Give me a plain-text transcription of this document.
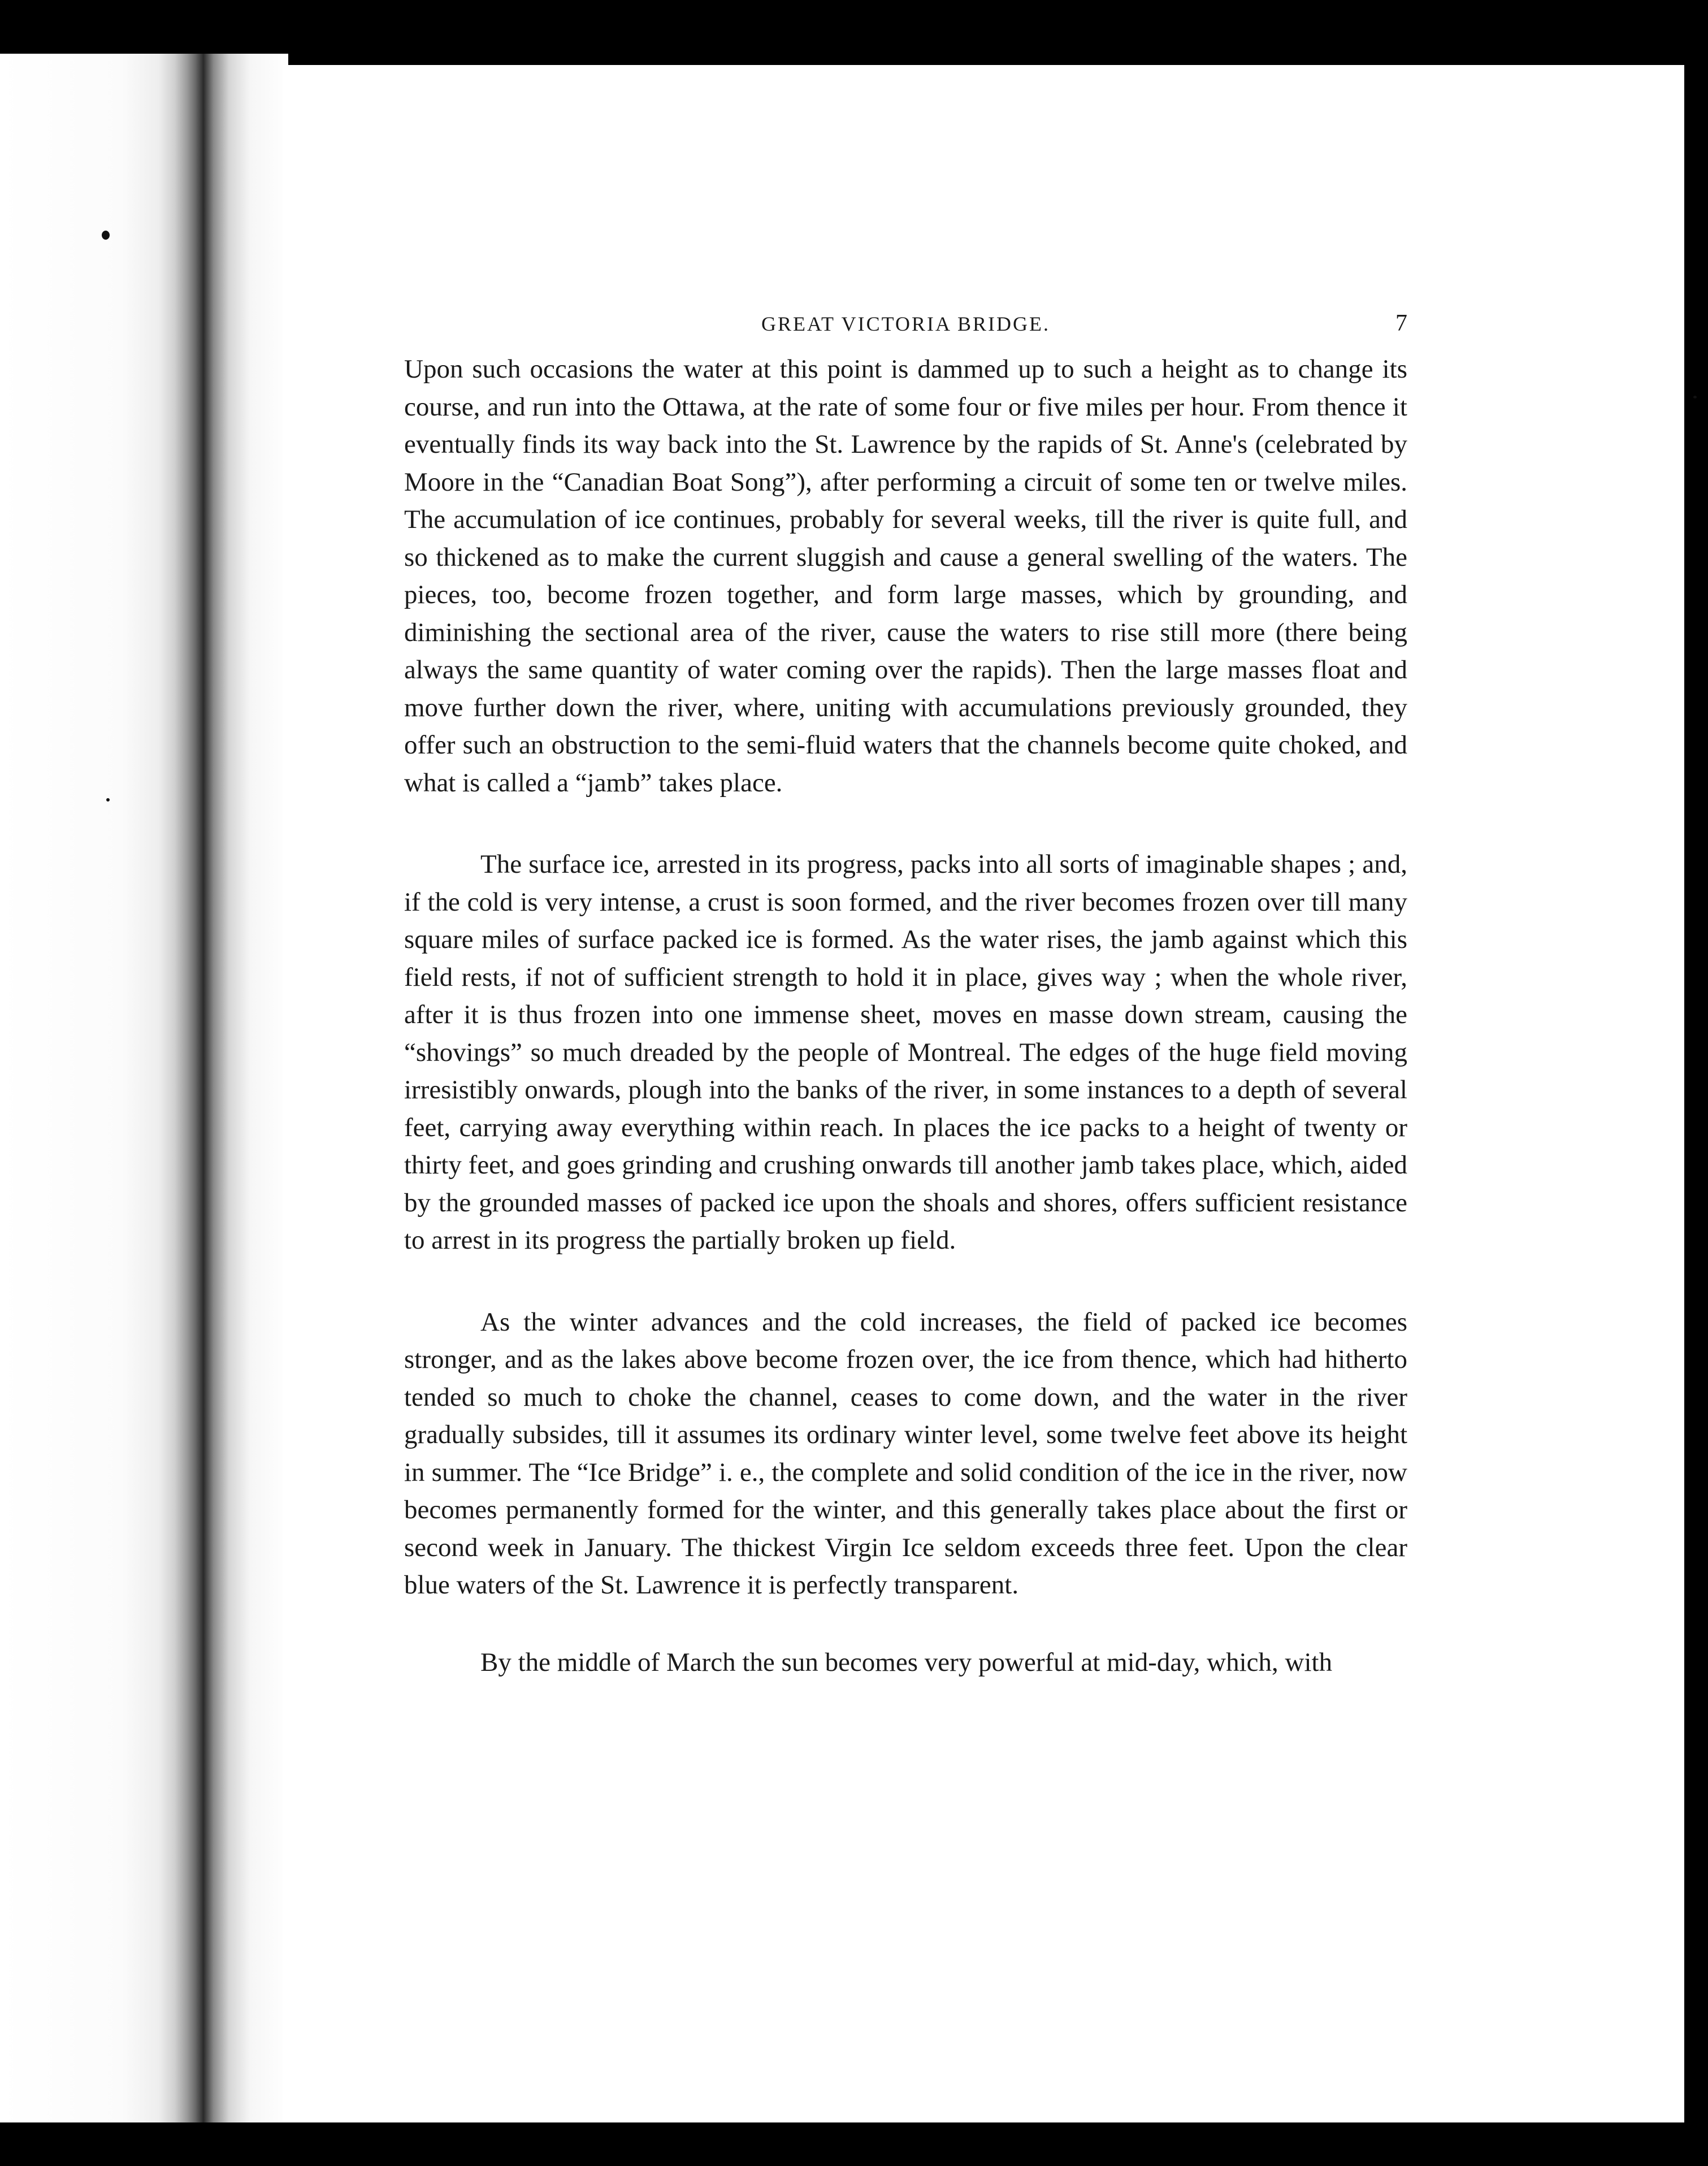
GREAT VICTORIA BRIDGE.	7

Upon such occasions the water at this point is dammed up to such a height as to change its course, and run into the Ottawa, at the rate of some four or five miles per hour. From thence it eventually finds its way back into the St. Lawrence by the rapids of St. Anne's (celebrated by Moore in the “Canadian Boat Song”), after performing a circuit of some ten or twelve miles. The accumulation of ice continues, probably for several weeks, till the river is quite full, and so thickened as to make the current sluggish and cause a general swelling of the waters. The pieces, too, become frozen together, and form large masses, which by grounding, and diminishing the sectional area of the river, cause the waters to rise still more (there being always the same quantity of water coming over the rapids). Then the large masses float and move further down the river, where, uniting with accumulations previously grounded, they offer such an obstruction to the semi-fluid waters that the channels become quite choked, and what is called a “jamb” takes place.

The surface ice, arrested in its progress, packs into all sorts of imaginable shapes ; and, if the cold is very intense, a crust is soon formed, and the river becomes frozen over till many square miles of surface packed ice is formed. As the water rises, the jamb against which this field rests, if not of sufficient strength to hold it in place, gives way ; when the whole river, after it is thus frozen into one immense sheet, moves en masse down stream, causing the “shovings” so much dreaded by the people of Montreal. The edges of the huge field moving irresistibly onwards, plough into the banks of the river, in some instances to a depth of several feet, carrying away everything within reach. In places the ice packs to a height of twenty or thirty feet, and goes grinding and crushing onwards till another jamb takes place, which, aided by the grounded masses of packed ice upon the shoals and shores, offers sufficient resistance to arrest in its progress the partially broken up field.

As the winter advances and the cold increases, the field of packed ice becomes stronger, and as the lakes above become frozen over, the ice from thence, which had hitherto tended so much to choke the channel, ceases to come down, and the water in the river gradually subsides, till it assumes its ordinary winter level, some twelve feet above its height in summer. The “Ice Bridge” i. e., the complete and solid condition of the ice in the river, now becomes permanently formed for the winter, and this generally takes place about the first or second week in January. The thickest Virgin Ice seldom exceeds three feet. Upon the clear blue waters of the St. Lawrence it is perfectly transparent.

By the middle of March the sun becomes very powerful at mid-day, which, with
